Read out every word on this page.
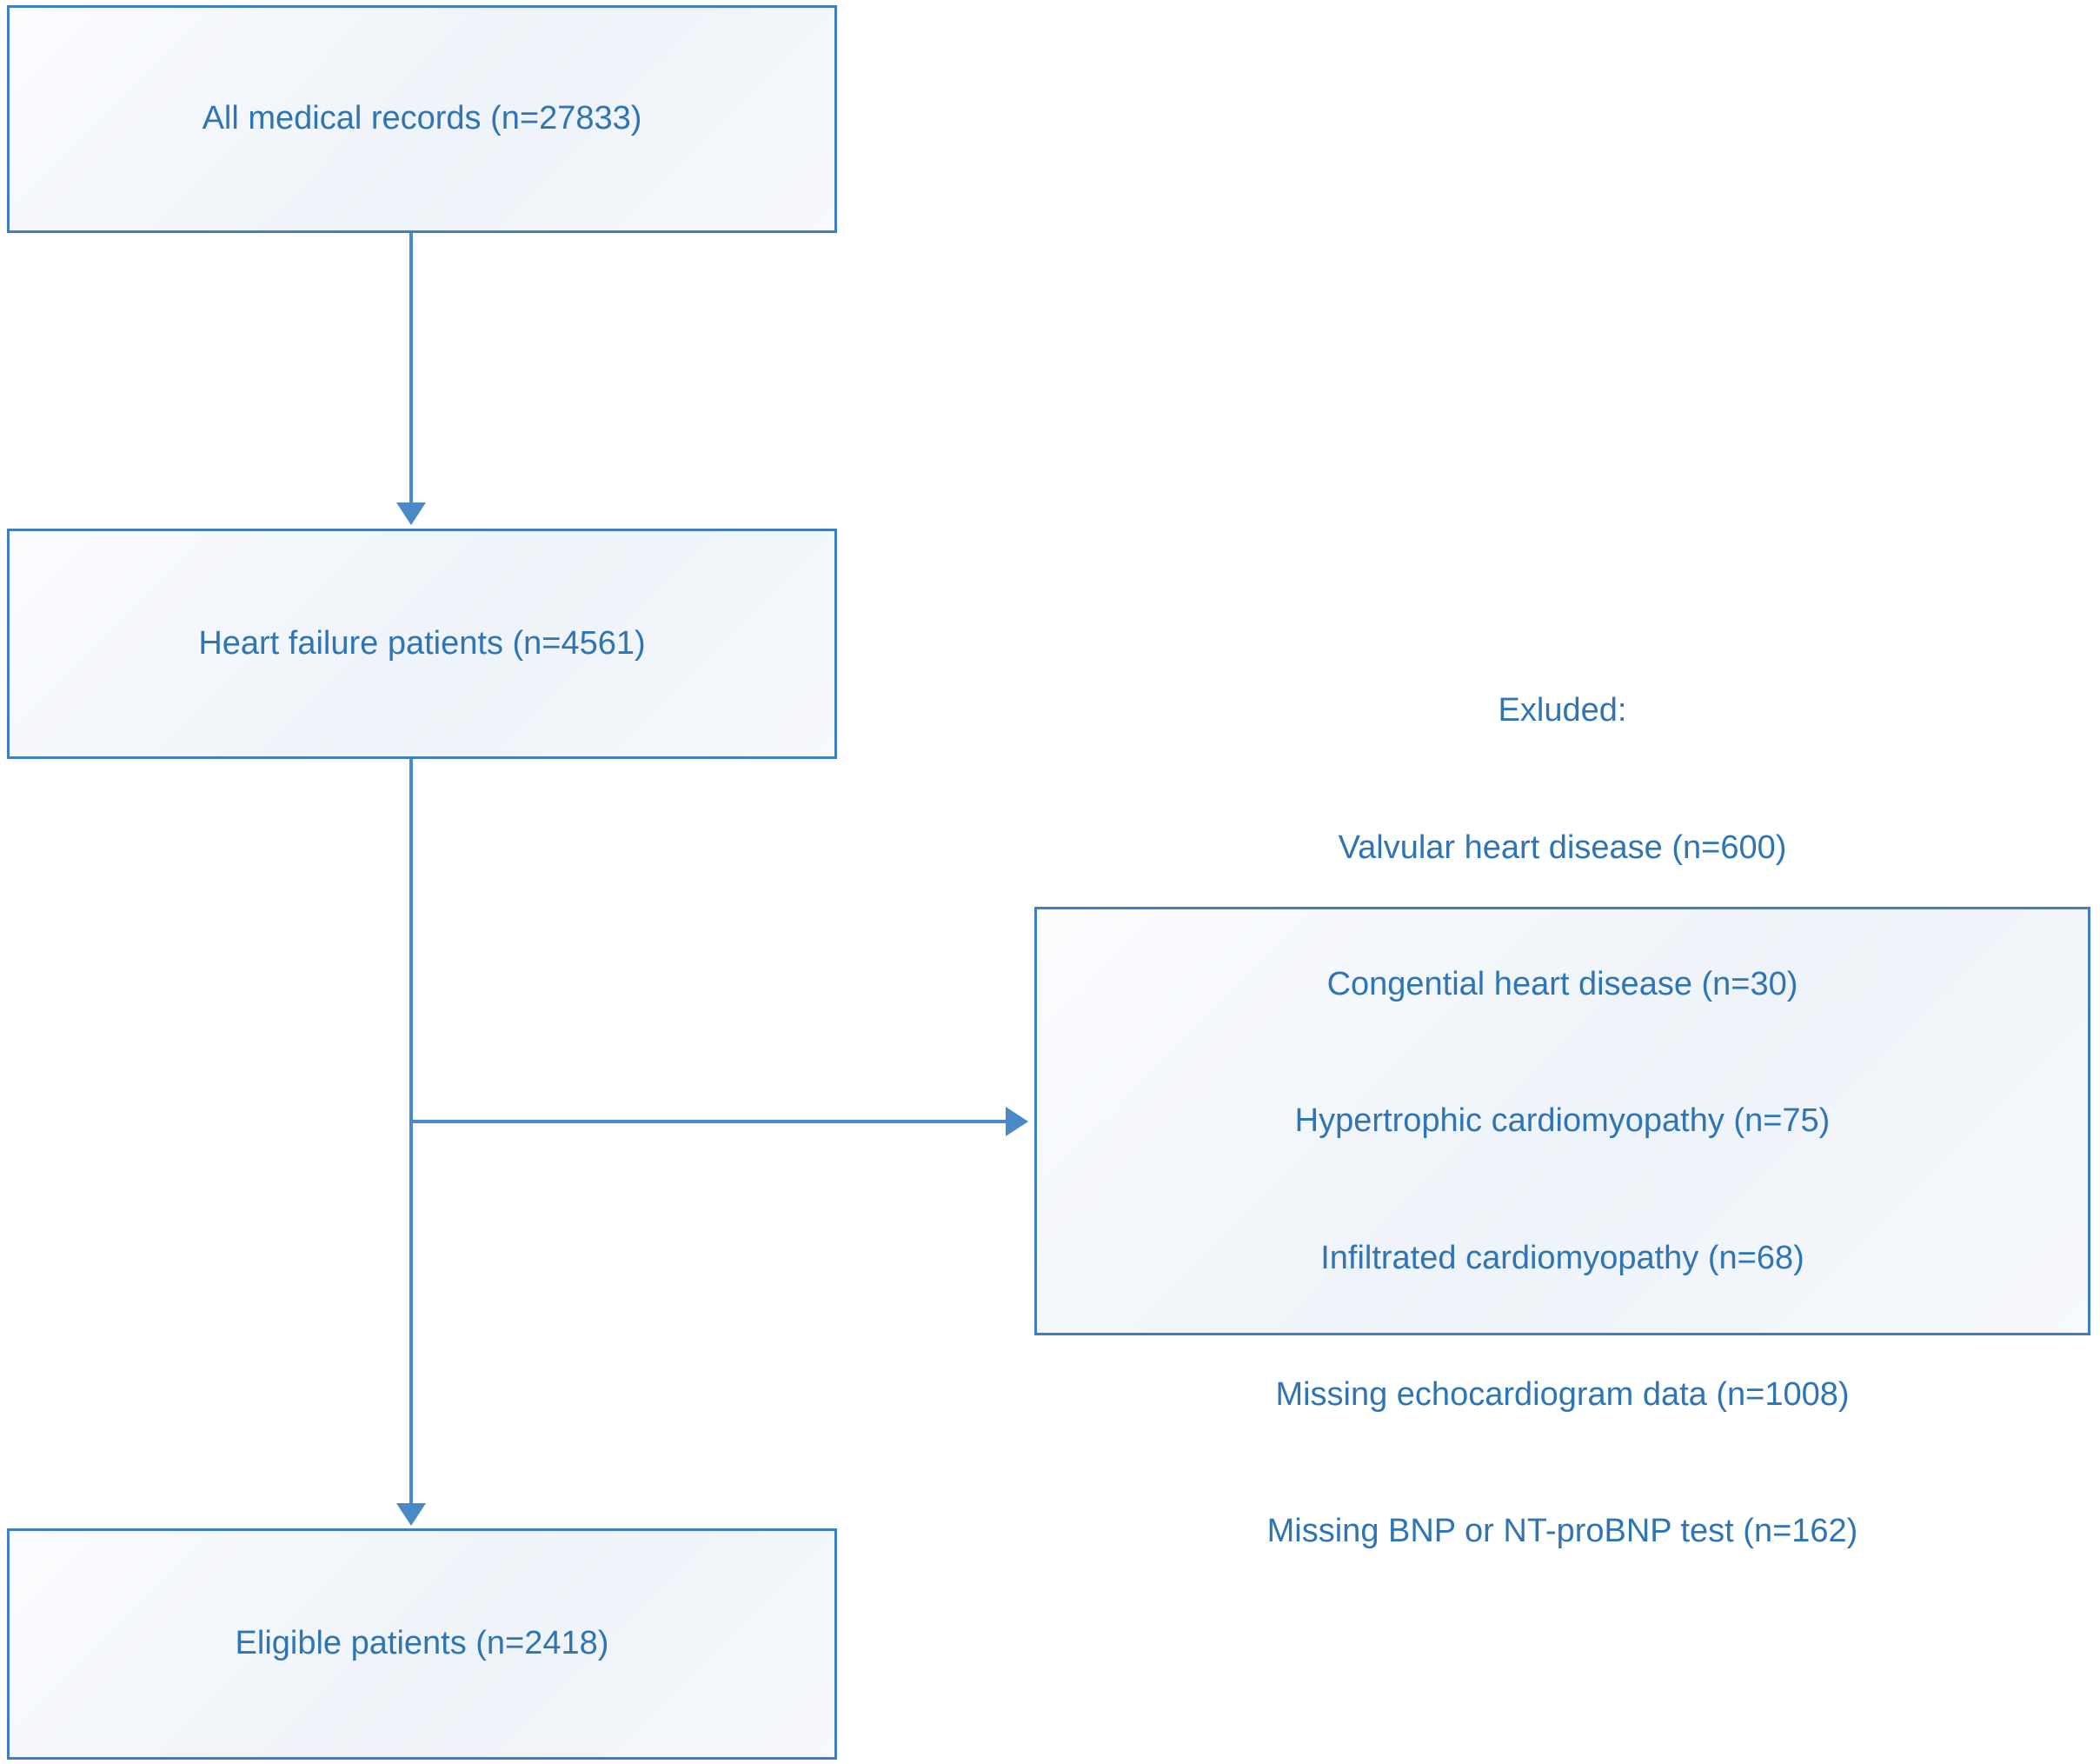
All medical records (n=27833)
Heart failure patients (n=4561)

Exluded:

Valvular heart disease (n=600)

Congential heart disease (n=30)

Hypertrophic cardiomyopathy (n=75)

Infiltrated cardiomyopathy (n=68)

Missing echocardiogram data (n=1008)

Missing BNP or NT-proBNP test (n=162)

Eligible patients (n=2418)
